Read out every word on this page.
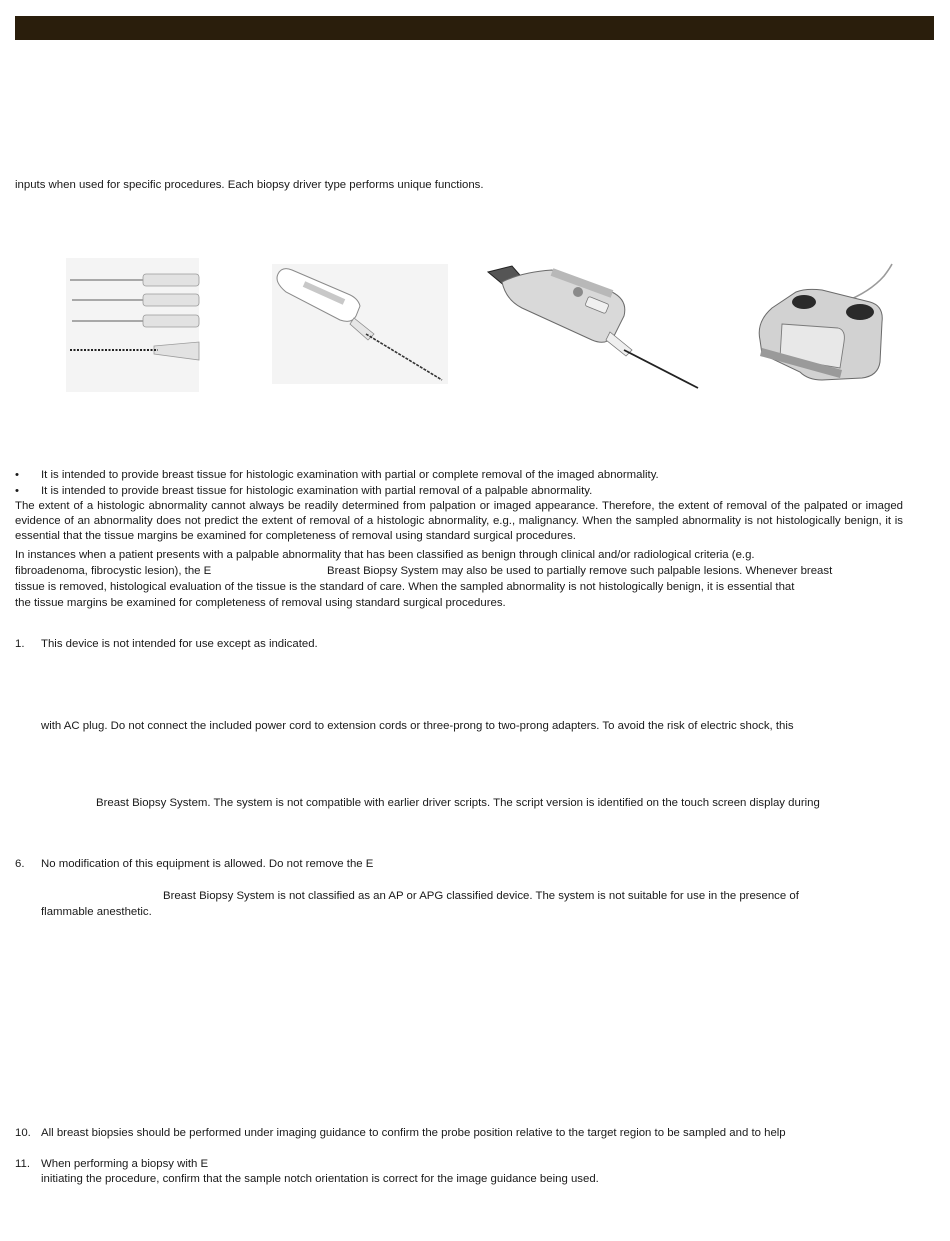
inputs when used for specific procedures. Each biopsy driver type performs unique functions.
• It is intended to provide breast tissue for histologic examination with partial or complete removal of the imaged abnormality.
• It is intended to provide breast tissue for histologic examination with partial removal of a palpable abnormality.
The extent of a histologic abnormality cannot always be readily determined from palpation or imaged appearance. Therefore, the extent of removal of the palpated or imaged evidence of an abnormality does not predict the extent of removal of a histologic abnormality, e.g., malignancy. When the sampled abnormality is not histologically benign, it is essential that the tissue margins be examined for completeness of removal using standard surgical procedures.
In instances when a patient presents with a palpable abnormality that has been classified as benign through clinical and/or radiological criteria (e.g.
fibroadenoma, fibrocystic lesion), the E	Breast Biopsy System may also be used to partially remove such palpable lesions. Whenever breast
tissue is removed, histological evaluation of the tissue is the standard of care. When the sampled abnormality is not histologically benign, it is essential that
the tissue margins be examined for completeness of removal using standard surgical procedures.
1. This device is not intended for use except as indicated.
with AC plug. Do not connect the included power cord to extension cords or three-prong to two-prong adapters. To avoid the risk of electric shock, this
Breast Biopsy System. The system is not compatible with earlier driver scripts. The script version is identified on the touch screen display during
6. No modification of this equipment is allowed. Do not remove the E
Breast Biopsy System is not classified as an AP or APG classified device. The system is not suitable for use in the presence of
flammable anesthetic.
10. All breast biopsies should be performed under imaging guidance to confirm the probe position relative to the target region to be sampled and to help
11. When performing a biopsy with E
initiating the procedure, confirm that the sample notch orientation is correct for the image guidance being used.
